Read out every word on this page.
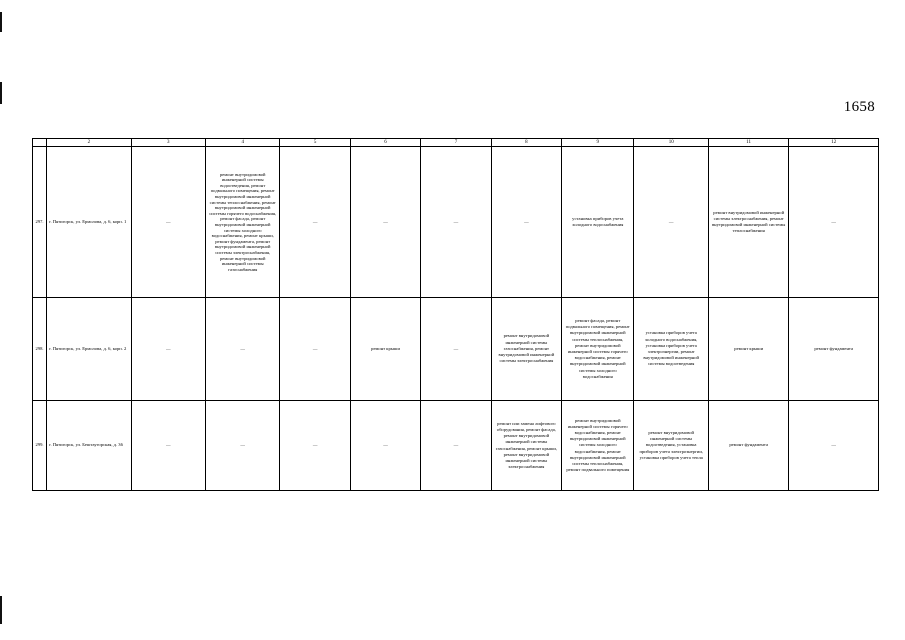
1658
	2	3	4	5	6	7	8	9	10	11	12
297.	г. Пятигорск, ул. Ермолова, д. 6, корп. 1	—	ремонт внутридомовой инженерной системы водоотведения, ремонт подвального помещения, ремонт внутридомовой инженерной системы теплоснабжения, ремонт внутридомовой инженерной системы горячего водоснабжения, ремонт фасада, ремонт внутридомовой инженерной системы холодного водоснабжения, ремонт крыши, ремонт фундамента, ремонт внутридомовой инженерной системы электроснабжения, ремонт внутридомовой инженерной системы газоснабжения	—	—	—	—	установка приборов учета холодного водоснабжения	—	ремонт внутридомовой инженерной системы электроснабжения, ремонт внутридомовой инженерной системы теплоснабжения	—
298.	г. Пятигорск, ул. Ермолова, д. 6, корп. 2	—	—	—	ремонт крыши	—	ремонт внутридомовой инженерной системы газоснабжения, ремонт внутридомовой инженерной системы электроснабжения	ремонт фасада, ремонт подвального помещения, ремонт внутридомовой инженерной системы теплоснабжения, ремонт внутридомовой инженерной системы горячего водоснабжения, ремонт внутридомовой инженерной системы холодного водоснабжения	установка приборов учета холодного водоснабжения, установка приборов учета электроэнергии, ремонт внутридомовой инженерной системы водоотведения	ремонт крыши	ремонт фундамента
299.	г. Пятигорск, ул. Бештаугорская, д. 36	—	—	—	—	—	ремонт или замена лифтового оборудования, ремонт фасада, ремонт внутридомовой инженерной системы газоснабжения, ремонт крыши, ремонт внутридомовой инженерной системы электроснабжения	ремонт внутридомовой инженерной системы горячего водоснабжения, ремонт внутридомовой инженерной системы холодного водоснабжения, ремонт внутридомовой инженерной системы теплоснабжения, ремонт подвального помещения	ремонт внутридомовой инженерной системы водоотведения, установка приборов учета электроэнергии, установка приборов учета тепла	ремонт фундамента	—
